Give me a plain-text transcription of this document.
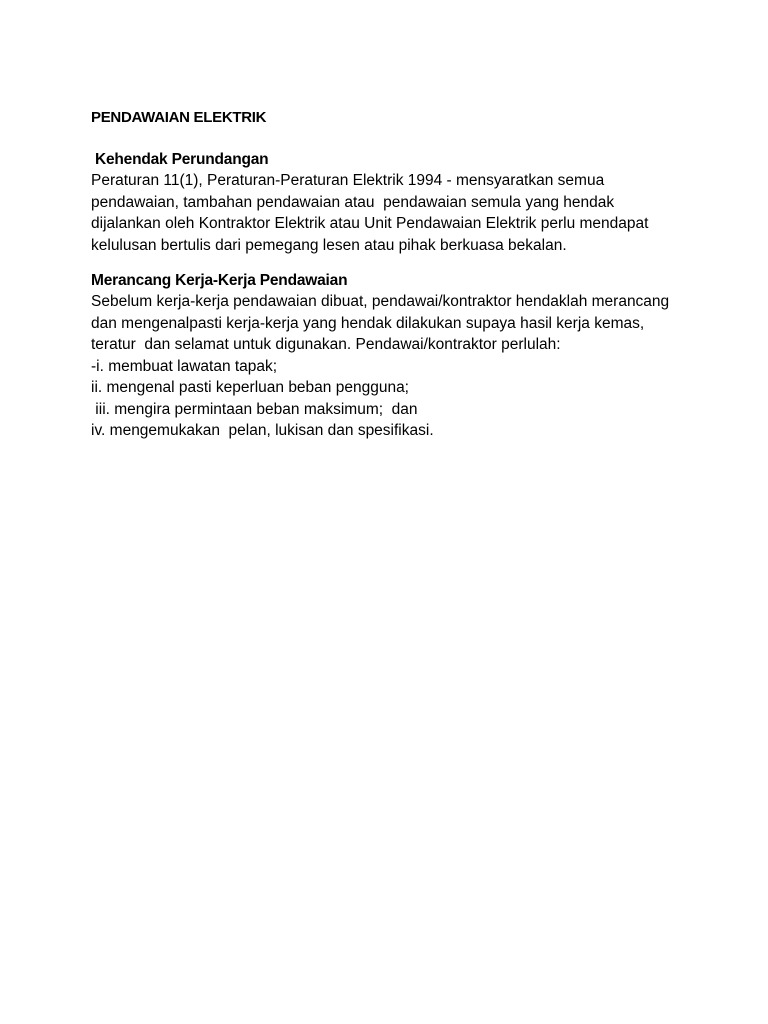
PENDAWAIAN ELEKTRIK
Kehendak Perundangan
Peraturan 11(1), Peraturan-Peraturan Elektrik 1994 - mensyaratkan semua
pendawaian, tambahan pendawaian atau  pendawaian semula yang hendak
dijalankan oleh Kontraktor Elektrik atau Unit Pendawaian Elektrik perlu mendapat
kelulusan bertulis dari pemegang lesen atau pihak berkuasa bekalan.
Merancang Kerja-Kerja Pendawaian
Sebelum kerja-kerja pendawaian dibuat, pendawai/kontraktor hendaklah merancang
dan mengenalpasti kerja-kerja yang hendak dilakukan supaya hasil kerja kemas,
teratur  dan selamat untuk digunakan. Pendawai/kontraktor perlulah:
-i. membuat lawatan tapak;
ii. mengenal pasti keperluan beban pengguna;
iii. mengira permintaan beban maksimum;  dan
iv. mengemukakan  pelan, lukisan dan spesifikasi.
